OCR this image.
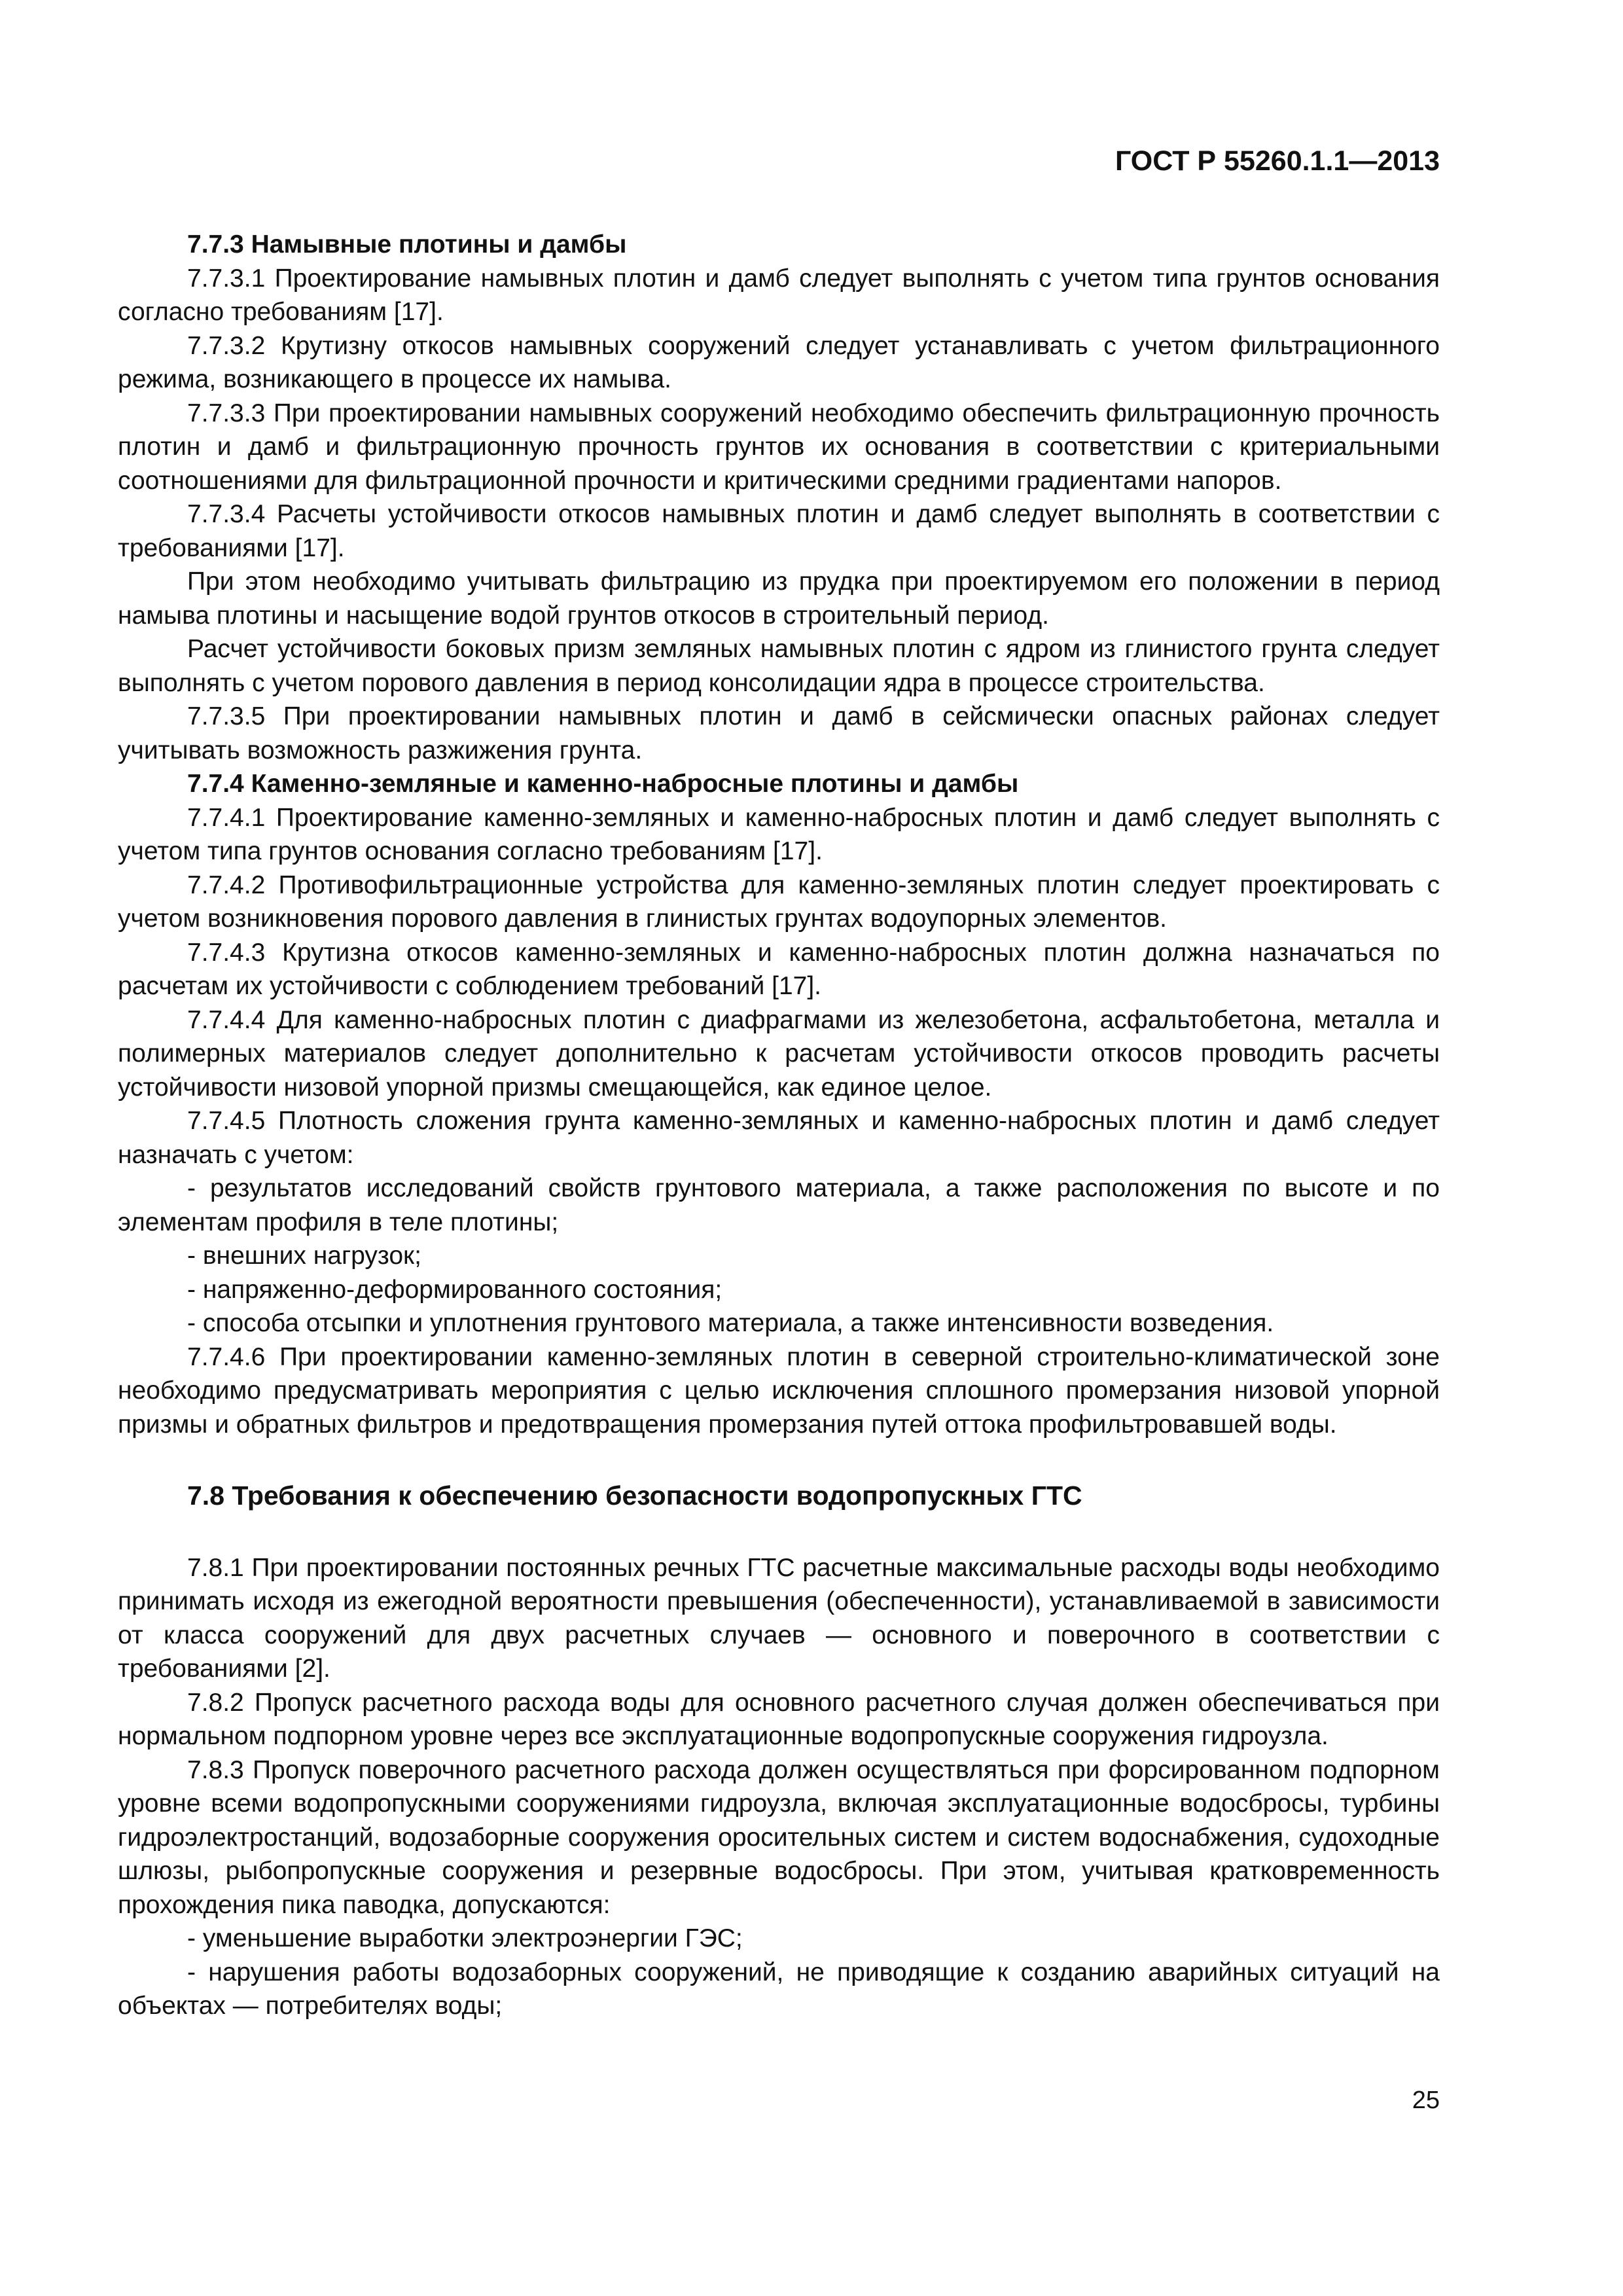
ГОСТ Р 55260.1.1—2013
7.7.3 Намывные плотины и дамбы

7.7.3.1 Проектирование намывных плотин и дамб следует выполнять с учетом типа грунтов основания согласно требованиям [17].

7.7.3.2 Крутизну откосов намывных сооружений следует устанавливать с учетом фильтрационного режима, возникающего в процессе их намыва.

7.7.3.3 При проектировании намывных сооружений необходимо обеспечить фильтрационную прочность плотин и дамб и фильтрационную прочность грунтов их основания в соответствии с критериальными соотношениями для фильтрационной прочности и критическими средними градиентами напоров.

7.7.3.4 Расчеты устойчивости откосов намывных плотин и дамб следует выполнять в соответствии с требованиями [17].

При этом необходимо учитывать фильтрацию из прудка при проектируемом его положении в период намыва плотины и насыщение водой грунтов откосов в строительный период.

Расчет устойчивости боковых призм земляных намывных плотин с ядром из глинистого грунта следует выполнять с учетом порового давления в период консолидации ядра в процессе строительства.

7.7.3.5 При проектировании намывных плотин и дамб в сейсмически опасных районах следует учитывать возможность разжижения грунта.

7.7.4 Каменно-земляные и каменно-набросные плотины и дамбы

7.7.4.1 Проектирование каменно-земляных и каменно-набросных плотин и дамб следует выполнять с учетом типа грунтов основания согласно требованиям [17].

7.7.4.2 Противофильтрационные устройства для каменно-земляных плотин следует проектировать с учетом возникновения порового давления в глинистых грунтах водоупорных элементов.

7.7.4.3 Крутизна откосов каменно-земляных и каменно-набросных плотин должна назначаться по расчетам их устойчивости с соблюдением требований [17].

7.7.4.4 Для каменно-набросных плотин с диафрагмами из железобетона, асфальтобетона, металла и полимерных материалов следует дополнительно к расчетам устойчивости откосов проводить расчеты устойчивости низовой упорной призмы смещающейся, как единое целое.

7.7.4.5 Плотность сложения грунта каменно-земляных и каменно-набросных плотин и дамб следует назначать с учетом:

- результатов исследований свойств грунтового материала, а также расположения по высоте и по элементам профиля в теле плотины;

- внешних нагрузок;

- напряженно-деформированного состояния;

- способа отсыпки и уплотнения грунтового материала, а также интенсивности возведения.

7.7.4.6 При проектировании каменно-земляных плотин в северной строительно-климатической зоне необходимо предусматривать мероприятия с целью исключения сплошного промерзания низовой упорной призмы и обратных фильтров и предотвращения промерзания путей оттока профильтровавшей воды.

7.8 Требования к обеспечению безопасности водопропускных ГТС

7.8.1 При проектировании постоянных речных ГТС расчетные максимальные расходы воды необходимо принимать исходя из ежегодной вероятности превышения (обеспеченности), устанавливаемой в зависимости от класса сооружений для двух расчетных случаев — основного и поверочного в соответствии с требованиями [2].

7.8.2 Пропуск расчетного расхода воды для основного расчетного случая должен обеспечиваться при нормальном подпорном уровне через все эксплуатационные водопропускные сооружения гидроузла.

7.8.3 Пропуск поверочного расчетного расхода должен осуществляться при форсированном подпорном уровне всеми водопропускными сооружениями гидроузла, включая эксплуатационные водосбросы, турбины гидроэлектростанций, водозаборные сооружения оросительных систем и систем водоснабжения, судоходные шлюзы, рыбопропускные сооружения и резервные водосбросы. При этом, учитывая кратковременность прохождения пика паводка, допускаются:

- уменьшение выработки электроэнергии ГЭС;

- нарушения работы водозаборных сооружений, не приводящие к созданию аварийных ситуаций на объектах — потребителях воды;

25
